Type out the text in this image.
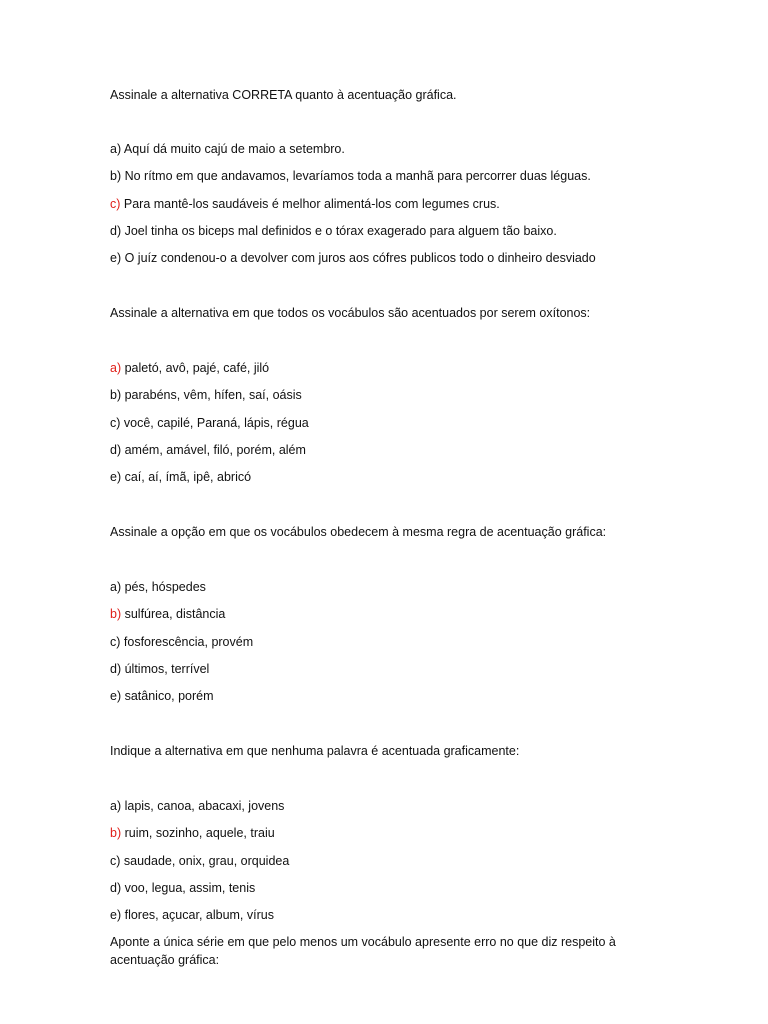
Assinale a alternativa CORRETA quanto à acentuação gráfica.
a) Aquí dá muito cajú de maio a setembro.
b) No rítmo em que andavamos, levaríamos toda a manhã para percorrer duas léguas.
c) Para mantê-los saudáveis é melhor alimentá-los com legumes crus.
d) Joel tinha os biceps mal definidos e o tórax exagerado para alguem tão baixo.
e) O juíz condenou-o a devolver com juros aos cófres publicos todo o dinheiro desviado
Assinale a alternativa em que todos os vocábulos são acentuados por serem oxítonos:
a) paletó, avô, pajé, café, jiló
b) parabéns, vêm, hífen, saí, oásis
c) você, capilé, Paraná, lápis, régua
d) amém, amável, filó, porém, além
e) caí, aí, ímã, ipê, abricó
Assinale a opção em que os vocábulos obedecem à mesma regra de acentuação gráfica:
a) pés, hóspedes
b) sulfúrea, distância
c) fosforescência, provém
d) últimos, terrível
e) satânico, porém
Indique a alternativa em que nenhuma palavra é acentuada graficamente:
a) lapis, canoa, abacaxi, jovens
b) ruim, sozinho, aquele, traiu
c) saudade, onix, grau, orquidea
d) voo, legua, assim, tenis
e) flores, açucar, album, vírus
Aponte a única série em que pelo menos um vocábulo apresente erro no que diz respeito à acentuação gráfica:
